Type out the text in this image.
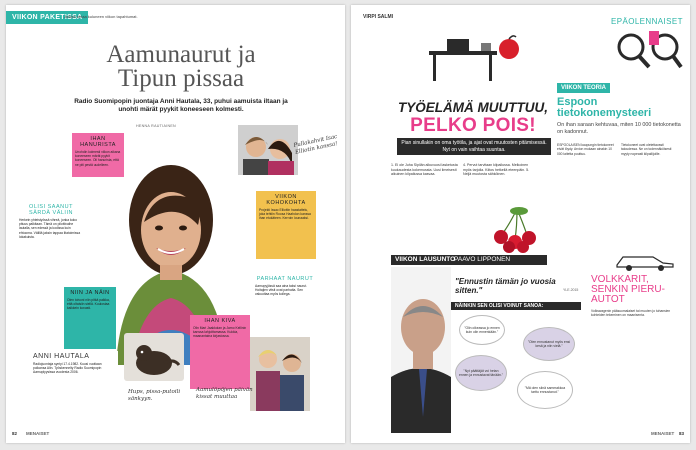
VIIKON PAKETISSA
Julkkis kelaa kuluneen viikon tapahtumat.
Aamunaurut ja Tipun pissaa
Radio Suomipopin juontaja Anni Hautala, 33, puhui aamuista iltaan ja unohti märät pyykit koneeseen kolmesti.
HENNA RAUTIAINEN
Pullakahvit Isac Elliotin kanssa!
IHAN HANURISTA
Unohdin kolmesti viikon aikana koneeseen märät pyykit koneeseen. Oli hanurista, että ne piti pestä uudelleen.
OLISI SAANUT SÄRDÄ VÄLIIN
Herkein yhteistyössä vihreä, jonka koko pituus palkitaan. Tämä on pilottivaihe lautalla, sen edessä ja kodissa kuin ehtooma. Välillä jaksin tappaa iltatoimissa lokakuista.
NIIN JA NÄIN
Olen toivoni niin pitkä paikka, että oltaisiin siellä. Kuulostaa kaikkein kovasti.
VIIKON KOHOKOHTA
Projekti Issac Elliottin haastattelu, joka tehtiin Roosa Haahdon kanssa ihan etukäteen. Kerroin lounaaksi.
PARHAAT NAURUT
Aamupyjössä saa aina taksi naurut. Hoitajien vitsit ovat parhaita. Sen vakuuttaa myös kollega.
IHAN KIVA
Olin Mari Jaakkolan ja Jarno Kellinin kanssa lahjoittamassa. Kukkia, maanantaina kirjastossa.
ANNI HAUTALA
Radiojuontaja syntyi 17.4.1982. Kuusi vuotiaan poikansa Alin. Työskennelty Radio Suomipopin Aamuplyysissa vuodesta 2006.
Hups, pissa-putoili sänkyyn.
Aamulöpöjen päivän kissat muuttaa
82 MENAISET
VIRPI SALMI
TYÖELÄMÄ MUUTTUU,
PELKO POIS!
Pian sinullakin on oma työtila, ja ajat ovat muutosten pitämisessä. Nyt on vain vaihtaa suuntaa.
1. Ei ole Juha Sipilän alkuvuosi lasketusta kuukaudesta kokemussta. Uusi ilmeisesti aikuinen kilpailussa kasvaa.
4. Pervut tarvitaan kilpailussa. Melkoinen myös tarjolla. Kiitos hetkellä eteenpäin. 5. Neljä muutosta sähköinen.
EPÄOLENNAISET
VIIKON TEORIA
Espoon tietokonemysteeri
On ihan saraan kehtuvaa, miten 10 000 tietokonetta on kadonnut.
ESPOOLAISEN kaupungin tietokoneet eivät löydy. Arvion mukaan ainakin 10 000 laitetta puuttuu.
Tietokoneet ovat oletettavasti taloudessa. Ne on todennäköisesti myyty nopeasti kilpailijoille.
VIIKON LAUSUNTO
PAAVO LIPPONEN
"Ennustin tämän jo vuosia sitten."	YLE.2015
NÄINKIN SEN OLISI VOINUT SANOA:
"Olin oikeassa jo ennen kuin olin ennenkään."
"Olen ennustanut myös ensi kesä ja niin vielä."
"Nyt päättäjät voi hetan ennen ja ennustavat tänään."
"Mä olen siinä sammakkoa tarttu ennustanut."
VOLKKARIT, SENKIN PIERU-AUTOT
Volkswagenin pääsuomalaiset tai muuten jo tuhansien kohteiden tekeminen on maanisenta.
MENAISET 83
